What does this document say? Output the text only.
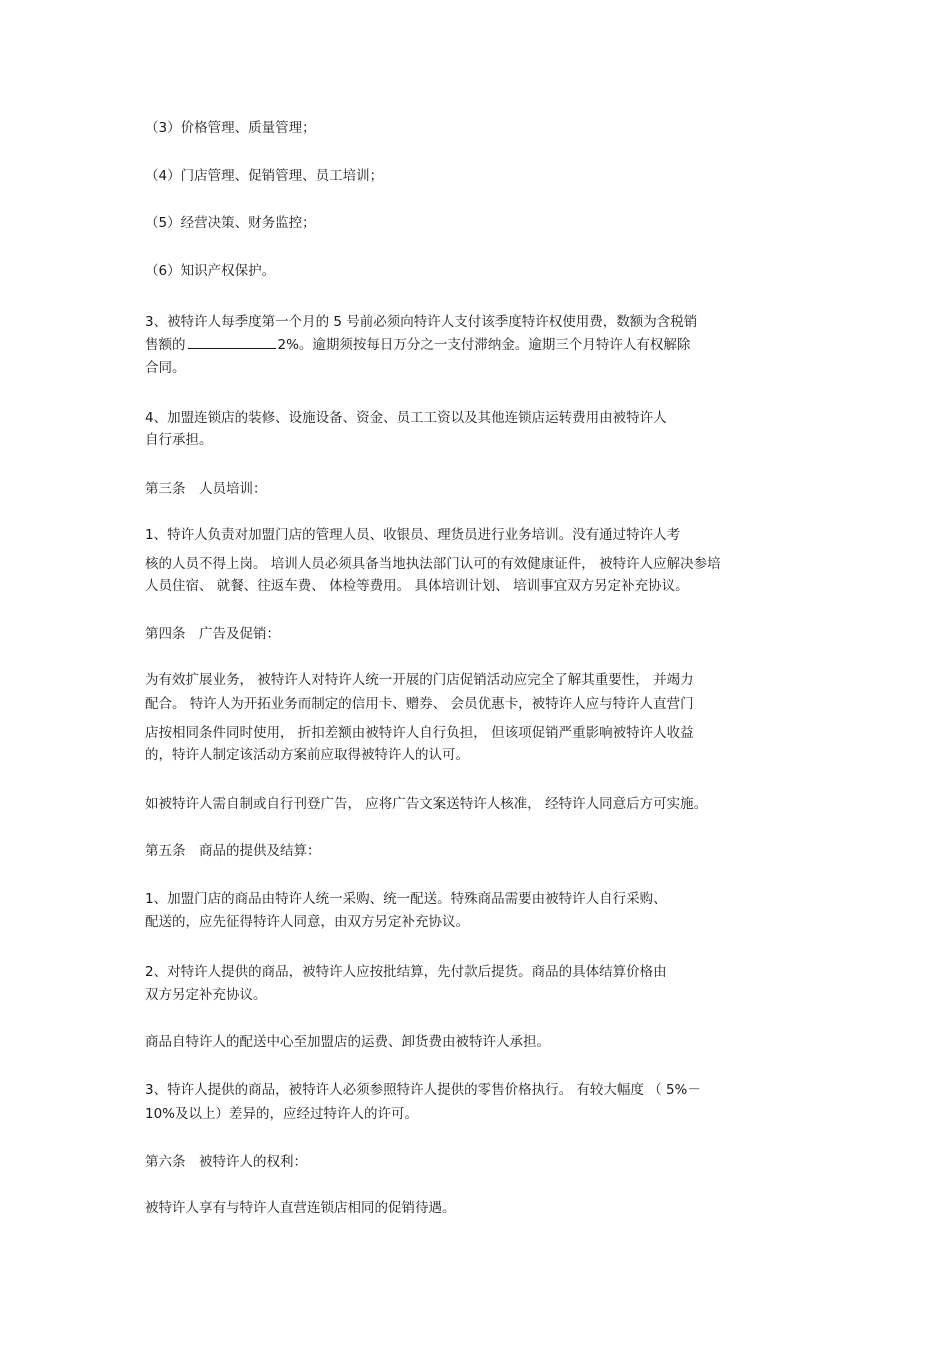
（3）价格管理、质量管理；

（4）门店管理、促销管理、员工培训；

（5）经营决策、财务监控；

（6）知识产权保护。

3、被特许人每季度第一个月的 5 号前必须向特许人支付该季度特许权使用费，数额为含税销

售额的	2%。逾期须按每日万分之一支付滞纳金。逾期三个月特许人有权解除

合同。

4、加盟连锁店的装修、设施设备、资金、员工工资以及其他连锁店运转费用由被特许人

自行承担。

第三条　人员培训：

1、特许人负责对加盟门店的管理人员、收银员、理货员进行业务培训。没有通过特许人考

核的人员不得上岗。 培训人员必须具备当地执法部门认可的有效健康证件， 被特许人应解决参培

人员住宿、 就餐、往返车费、 体检等费用。 具体培训计划、 培训事宜双方另定补充协议。

第四条　广告及促销：

为有效扩展业务， 被特许人对特许人统一开展的门店促销活动应完全了解其重要性， 并竭力

配合。 特许人为开拓业务而制定的信用卡、赠券、 会员优惠卡，被特许人应与特许人直营门

店按相同条件同时使用， 折扣差额由被特许人自行负担， 但该项促销严重影响被特许人收益

的，特许人制定该活动方案前应取得被特许人的认可。

如被特许人需自制或自行刊登广告， 应将广告文案送特许人核准， 经特许人同意后方可实施。

第五条　商品的提供及结算：

1、加盟门店的商品由特许人统一采购、统一配送。特殊商品需要由被特许人自行采购、

配送的，应先征得特许人同意，由双方另定补充协议。

2、对特许人提供的商品，被特许人应按批结算，先付款后提货。商品的具体结算价格由

双方另定补充协议。

商品自特许人的配送中心至加盟店的运费、卸货费由被特许人承担。

3、特许人提供的商品，被特许人必须参照特许人提供的零售价格执行。 有较大幅度 （ 5%－

10%及以上）差异的，应经过特许人的许可。

第六条　被特许人的权利：

被特许人享有与特许人直营连锁店相同的促销待遇。
